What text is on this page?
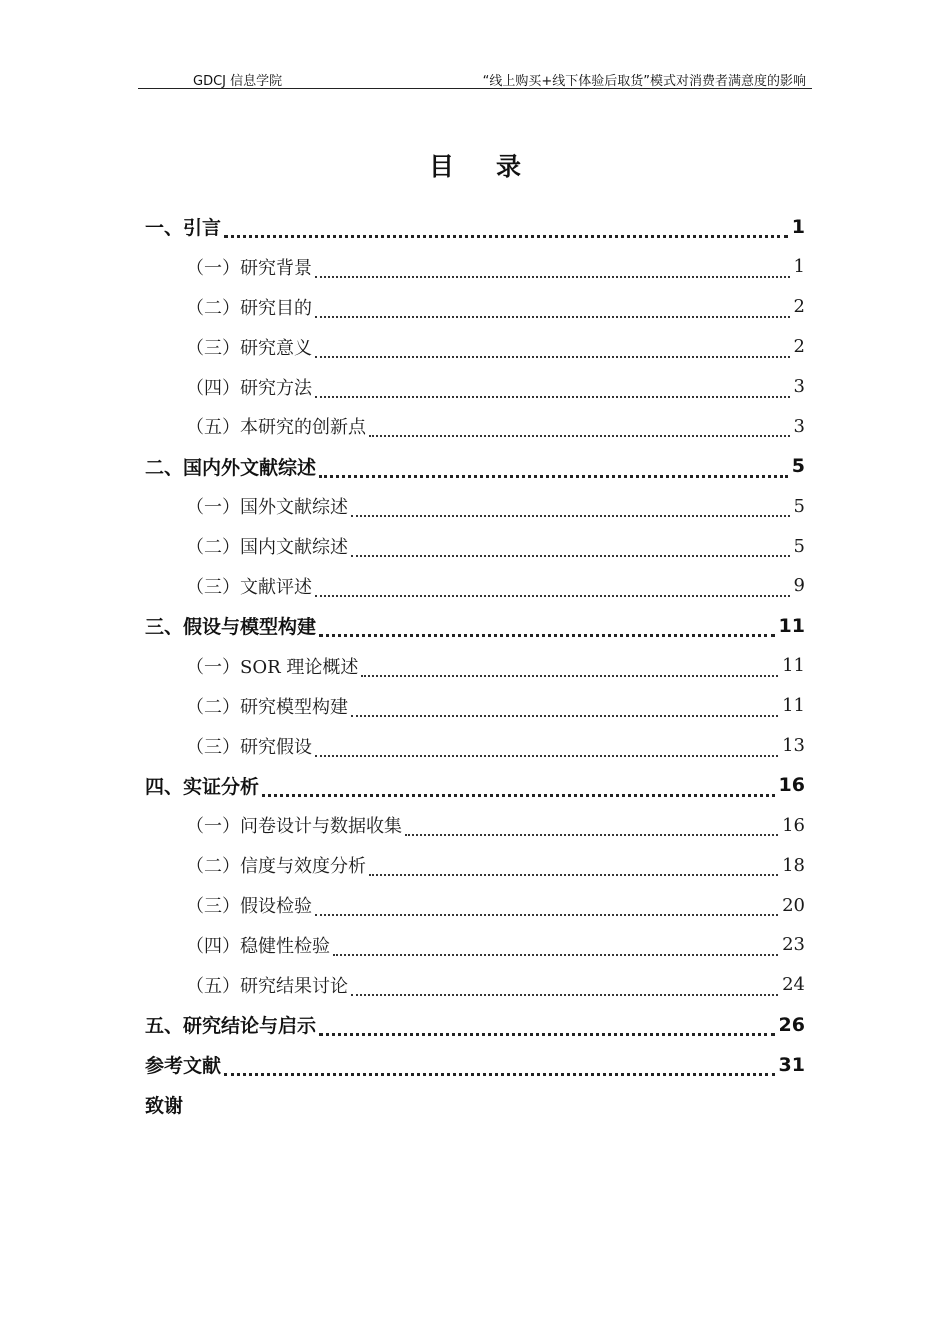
GDCJ 信息学院	“线上购买+线下体验后取货”模式对消费者满意度的影响
目录
一、引言	1
（一）研究背景	1
（二）研究目的	2
（三）研究意义	2
（四）研究方法	3
（五）本研究的创新点	3
二、国内外文献综述	5
（一）国外文献综述	5
（二）国内文献综述	5
（三）文献评述	9
三、假设与模型构建	11
（一）SOR 理论概述	11
（二）研究模型构建	11
（三）研究假设	13
四、实证分析	16
（一）问卷设计与数据收集	16
（二）信度与效度分析	18
（三）假设检验	20
（四）稳健性检验	23
（五）研究结果讨论	24
五、研究结论与启示	26
参考文献	31
致谢
